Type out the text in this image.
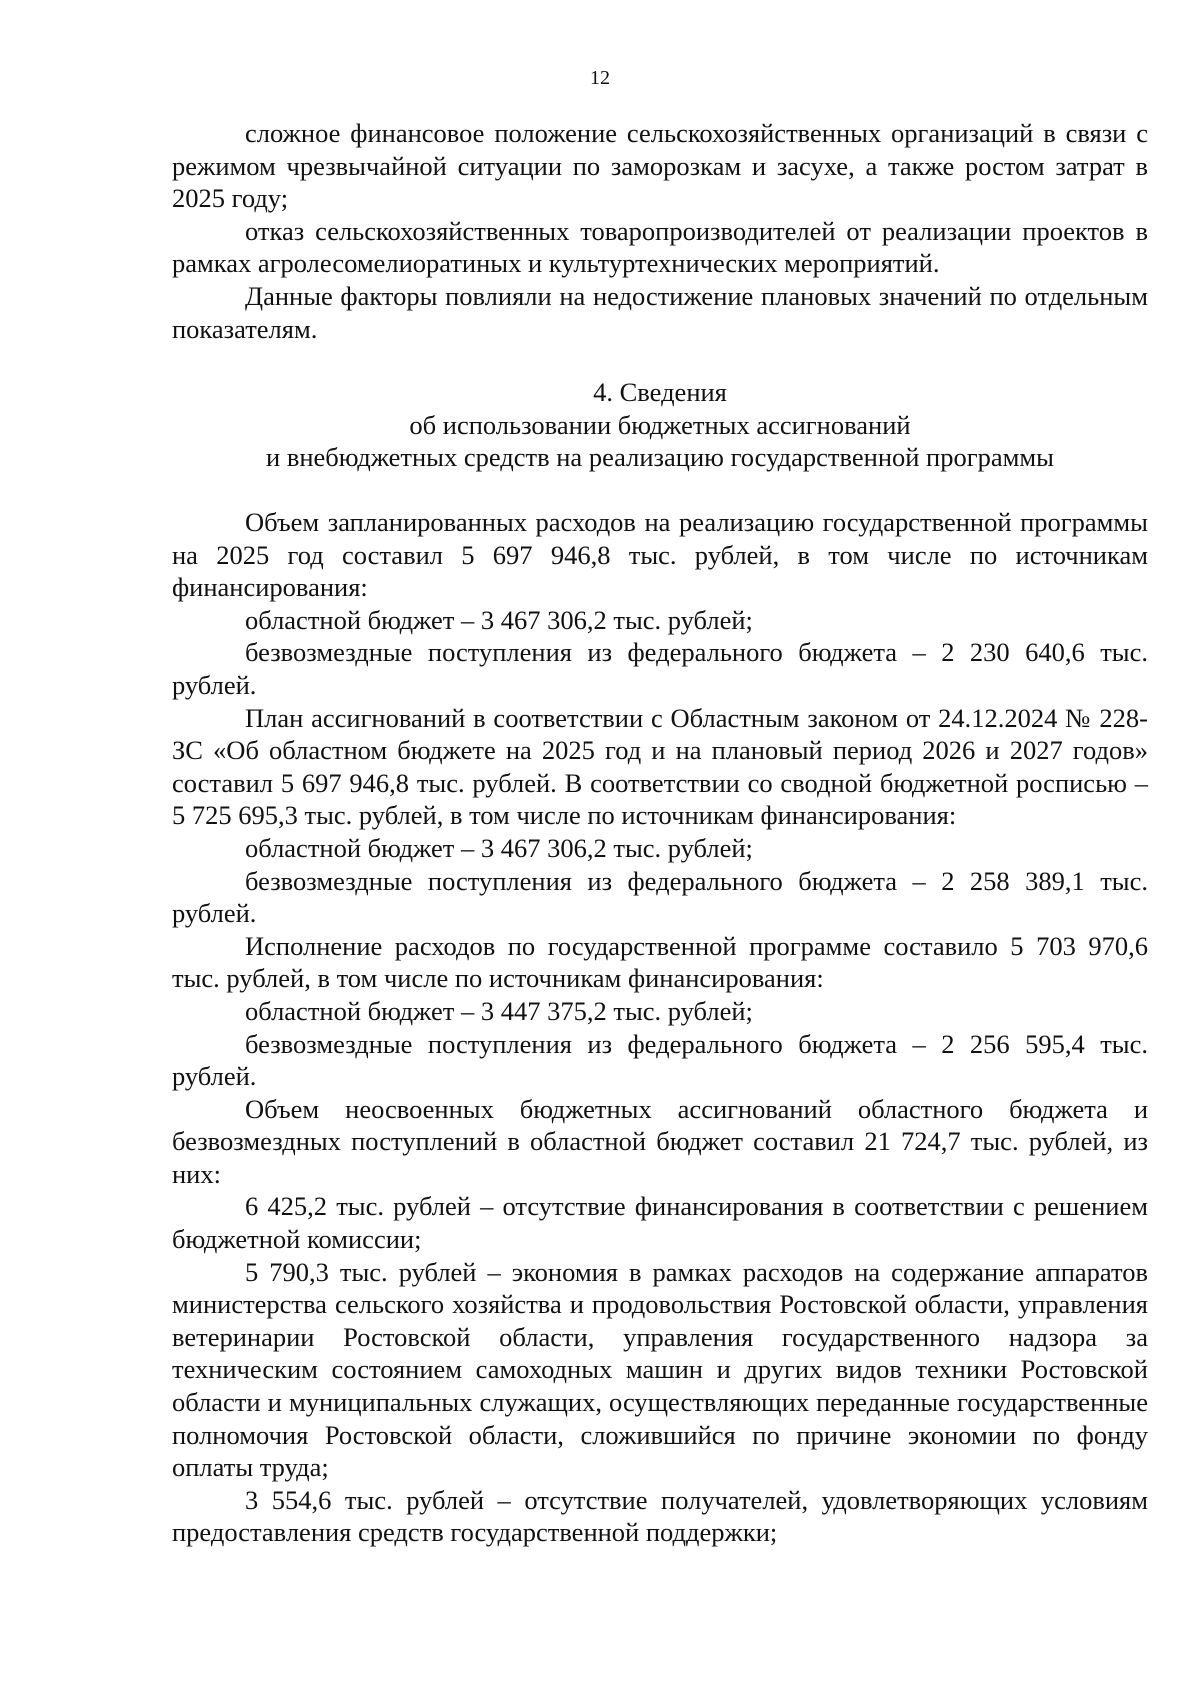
12

сложное финансовое положение сельскохозяйственных организаций в связи с режимом чрезвычайной ситуации по заморозкам и засухе, а также ростом затрат в 2025 году;

отказ сельскохозяйственных товаропроизводителей от реализации проектов в рамках агролесомелиоратиных и культуртехнических мероприятий.

Данные факторы повлияли на недостижение плановых значений по отдельным показателям.

4. Сведения
об использовании бюджетных ассигнований
и внебюджетных средств на реализацию государственной программы

Объем запланированных расходов на реализацию государственной программы на 2025 год составил 5 697 946,8 тыс. рублей, в том числе по источникам финансирования:

областной бюджет – 3 467 306,2 тыс. рублей;

безвозмездные поступления из федерального бюджета – 2 230 640,6 тыс. рублей.

План ассигнований в соответствии с Областным законом от 24.12.2024 № 228-ЗС «Об областном бюджете на 2025 год и на плановый период 2026 и 2027 годов» составил 5 697 946,8 тыс. рублей. В соответствии со сводной бюджетной росписью – 5 725 695,3 тыс. рублей, в том числе по источникам финансирования:

областной бюджет – 3 467 306,2 тыс. рублей;

безвозмездные поступления из федерального бюджета – 2 258 389,1 тыс. рублей.

Исполнение расходов по государственной программе составило 5 703 970,6 тыс. рублей, в том числе по источникам финансирования:

областной бюджет – 3 447 375,2 тыс. рублей;

безвозмездные поступления из федерального бюджета – 2 256 595,4 тыс. рублей.

Объем неосвоенных бюджетных ассигнований областного бюджета и безвозмездных поступлений в областной бюджет составил 21 724,7 тыс. рублей, из них:

6 425,2 тыс. рублей – отсутствие финансирования в соответствии с решением бюджетной комиссии;

5 790,3 тыс. рублей – экономия в рамках расходов на содержание аппаратов министерства сельского хозяйства и продовольствия Ростовской области, управления ветеринарии Ростовской области, управления государственного надзора за техническим состоянием самоходных машин и других видов техники Ростовской области и муниципальных служащих, осуществляющих переданные государственные полномочия Ростовской области, сложившийся по причине экономии по фонду оплаты труда;

3 554,6 тыс. рублей – отсутствие получателей, удовлетворяющих условиям предоставления средств государственной поддержки;
